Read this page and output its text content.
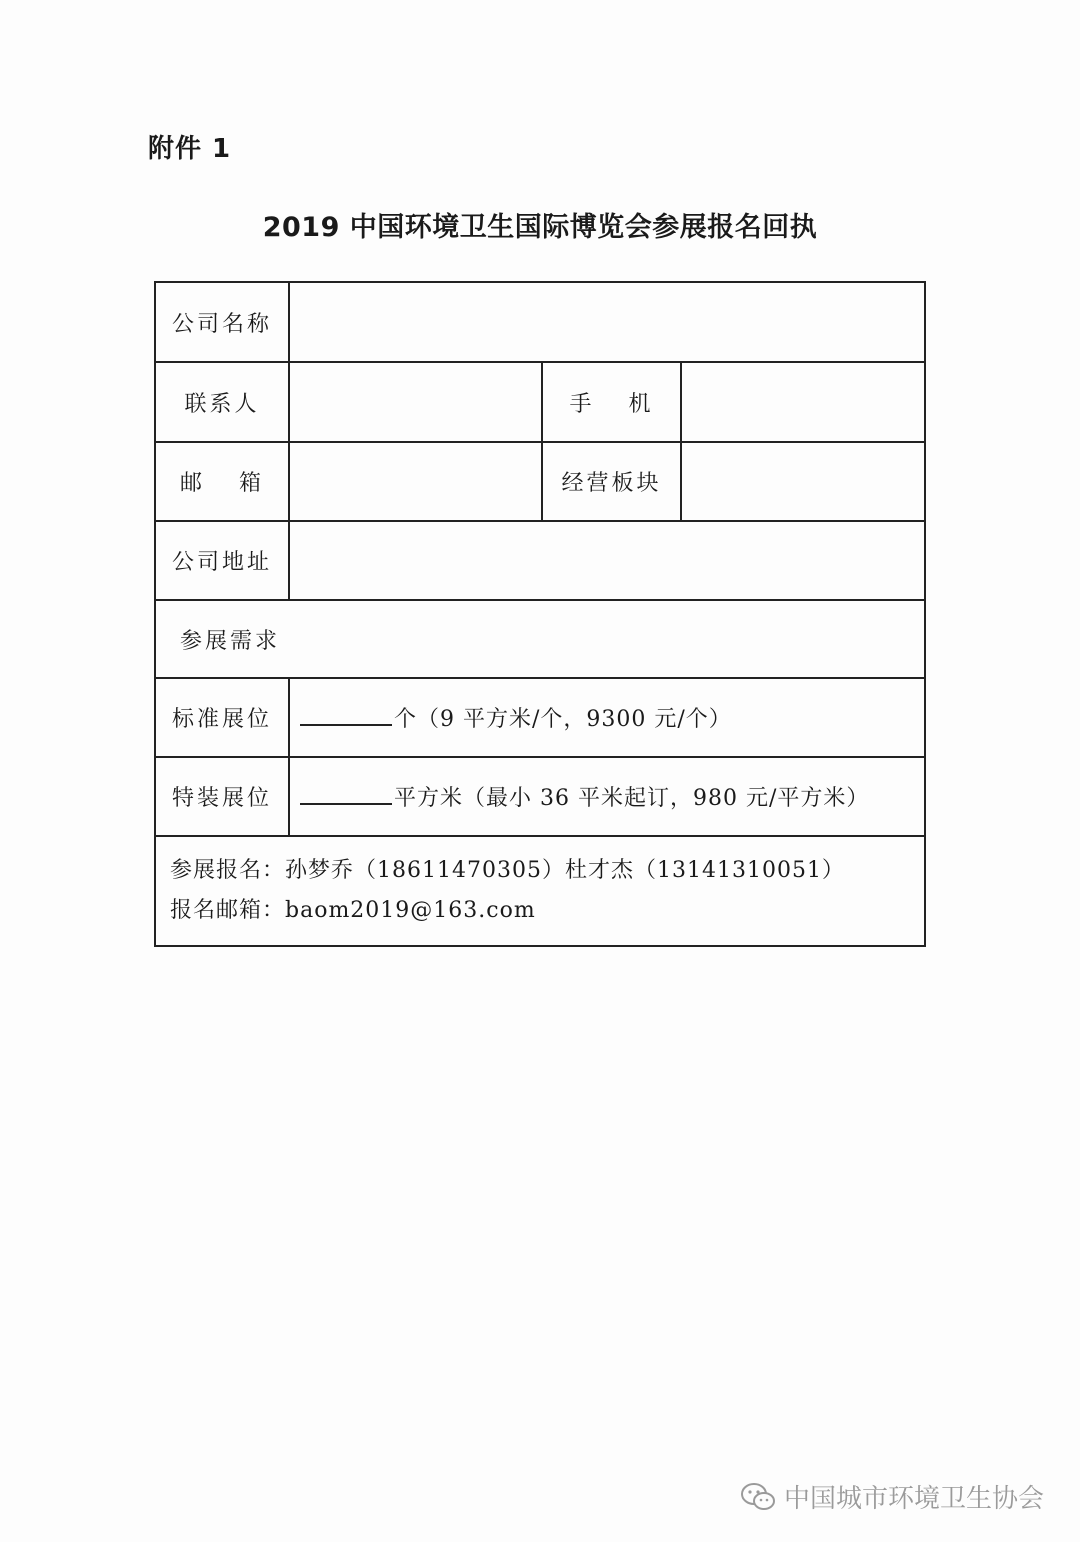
附件 1
2019 中国环境卫生国际博览会参展报名回执
公司名称			
联系人		手 机	
邮 箱		经营板块	
公司地址			
参展需求			
标准展位	个（9 平方米/个，9300 元/个）		
特装展位	平方米（最小 36 平米起订，980 元/平方米）		

参展报名：孙梦乔（18611470305）杜才杰（13141310051）
报名邮箱：baom2019@163.com			
中国城市环境卫生协会
